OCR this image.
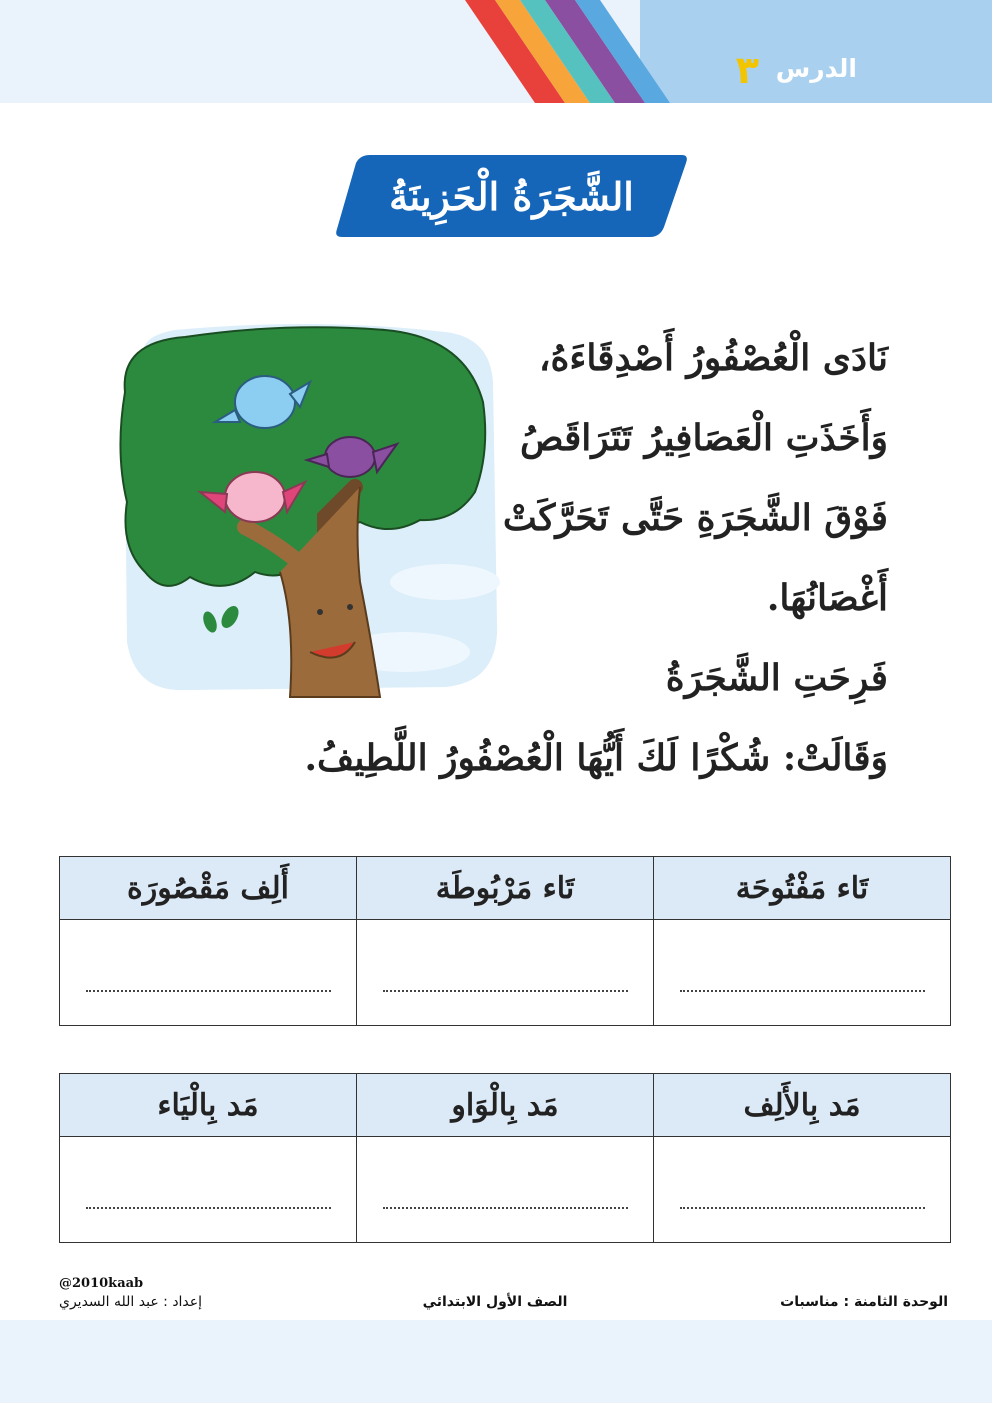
الدرس ٣
الشَّجَرَةُ الْحَزِينَةُ
نَادَى الْعُصْفُورُ أَصْدِقَاءَهُ،
وَأَخَذَتِ الْعَصَافِيرُ تَتَرَاقَصُ
فَوْقَ الشَّجَرَةِ حَتَّى تَحَرَّكَتْ
أَغْصَانُهَا.
فَرِحَتِ الشَّجَرَةُ
وَقَالَتْ: شُكْرًا لَكَ أَيُّهَا الْعُصْفُورُ اللَّطِيفُ.
تَاء مَفْتُوحَة	تَاء مَرْبُوطَة	أَلِف مَقْصُورَة

مَد بِالأَلِف	مَد بِالْوَاو	مَد بِالْيَاء

@2010kaab
إعداد : عبد الله السديري	الصف الأول الابتدائي	الوحدة الثامنة : مناسبات
